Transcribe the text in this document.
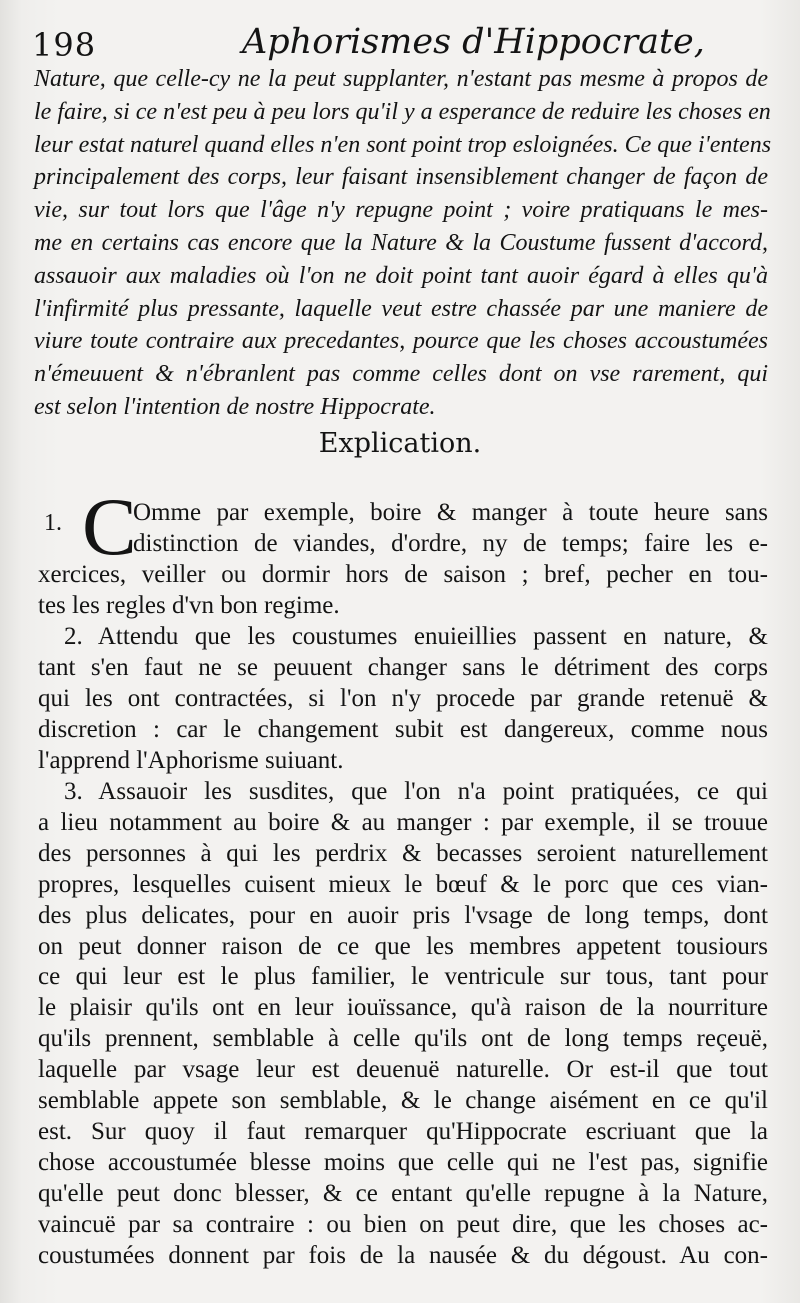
198	Aphorismes d'Hippocrate,
Nature, que celle-cy ne la peut supplanter, n'estant pas mesme à propos de
le faire, si ce n'est peu à peu lors qu'il y a esperance de reduire les choses en
leur estat naturel quand elles n'en sont point trop esloignées. Ce que i'entens
principalement des corps, leur faisant insensiblement changer de façon de
vie, sur tout lors que l'âge n'y repugne point ; voire pratiquans le mes-
me en certains cas encore que la Nature & la Coustume fussent d'accord,
assauoir aux maladies où l'on ne doit point tant auoir égard à elles qu'à
l'infirmité plus pressante, laquelle veut estre chassée par une maniere de
viure toute contraire aux precedantes, pource que les choses accoustumées
n'émeuuent & n'ébranlent pas comme celles dont on vse rarement, qui
est selon l'intention de nostre Hippocrate.
Explication.
1.	Omme par exemple, boire & manger à toute heure sans
distinction de viandes, d'ordre, ny de temps; faire les e-
xercices, veiller ou dormir hors de saison ; bref, pecher en tou-
tes les regles d'vn bon regime.
C
2. Attendu que les coustumes enuieillies passent en nature, &
tant s'en faut ne se peuuent changer sans le détriment des corps
qui les ont contractées, si l'on n'y procede par grande retenuë &
discretion : car le changement subit est dangereux, comme nous
l'apprend l'Aphorisme suiuant.
3. Assauoir les susdites, que l'on n'a point pratiquées, ce qui
a lieu notamment au boire & au manger : par exemple, il se trouue
des personnes à qui les perdrix & becasses seroient naturellement
propres, lesquelles cuisent mieux le bœuf & le porc que ces vian-
des plus delicates, pour en auoir pris l'vsage de long temps, dont
on peut donner raison de ce que les membres appetent tousiours
ce qui leur est le plus familier, le ventricule sur tous, tant pour
le plaisir qu'ils ont en leur iouïssance, qu'à raison de la nourriture
qu'ils prennent, semblable à celle qu'ils ont de long temps reçeuë,
laquelle par vsage leur est deuenuë naturelle. Or est-il que tout
semblable appete son semblable, & le change aisément en ce qu'il
est. Sur quoy il faut remarquer qu'Hippocrate escriuant que la
chose accoustumée blesse moins que celle qui ne l'est pas, signifie
qu'elle peut donc blesser, & ce entant qu'elle repugne à la Nature,
vaincuë par sa contraire : ou bien on peut dire, que les choses ac-
coustumées donnent par fois de la nausée & du dégoust. Au con-
